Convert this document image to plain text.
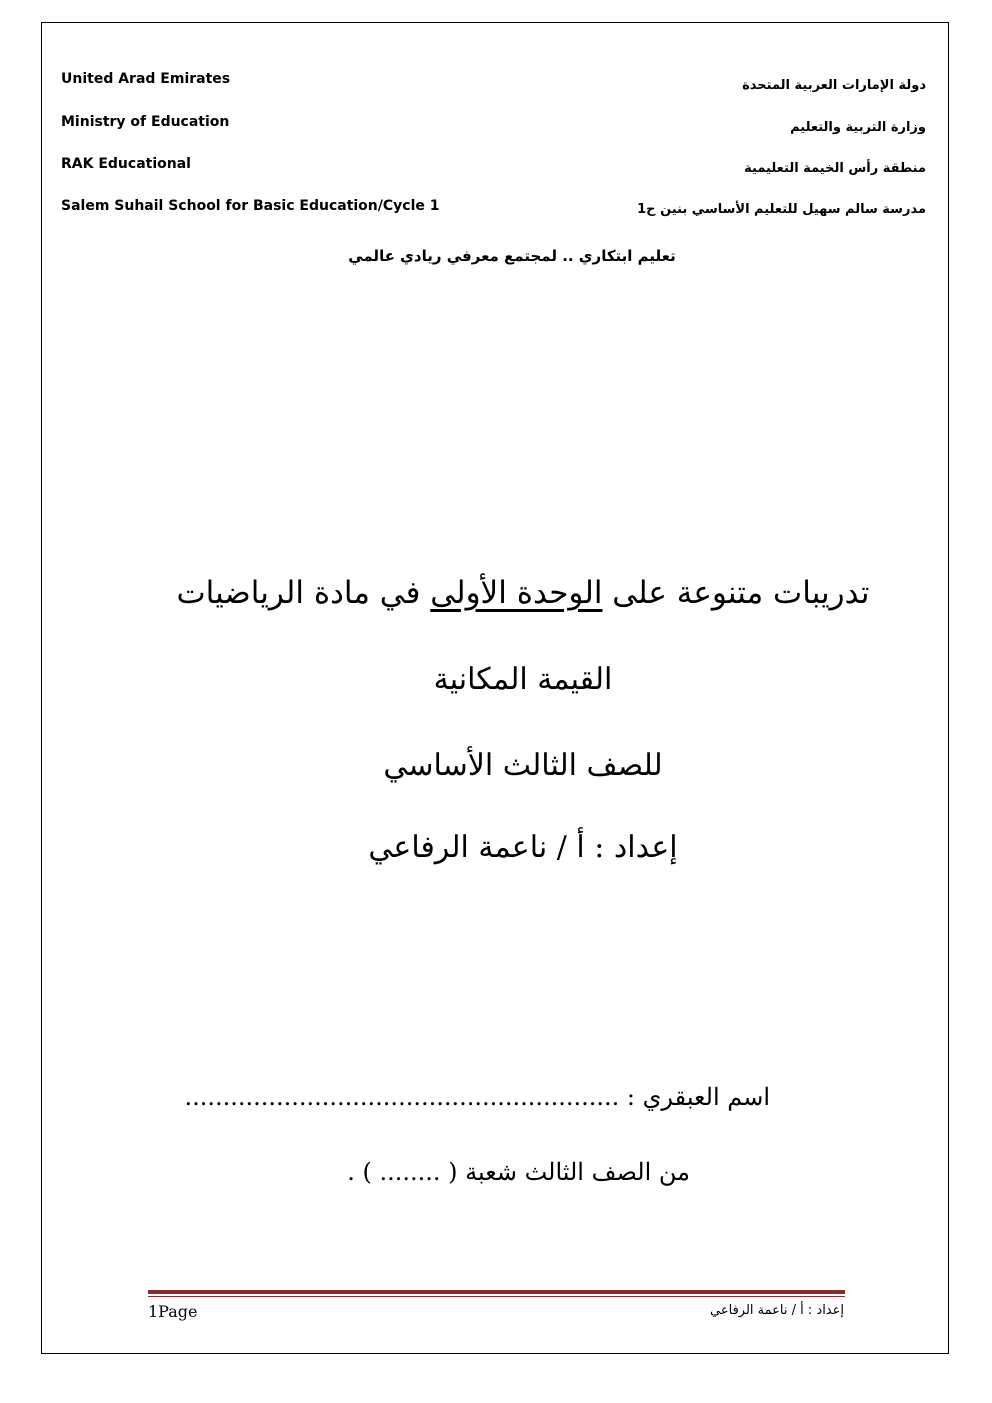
United Arad Emirates
Ministry of Education
RAK Educational
Salem Suhail School for Basic Education/Cycle 1
دولة الإمارات العربية المتحدة
وزارة التربية والتعليم
منطقة رأس الخيمة التعليمية
مدرسة سالم سهيل للتعليم الأساسي بنين ح1
تعليم ابتكاري .. لمجتمع معرفي ريادي عالمي
تدريبات متنوعة على الوحدة الأولى في مادة الرياضيات
القيمة المكانية
للصف الثالث الأساسي
إعداد : أ / ناعمة الرفاعي
اسم العبقري : .........................................................
من الصف الثالث شعبة ( ........ ) .
1Page	إعداد : أ / ناعمة الرفاعي
